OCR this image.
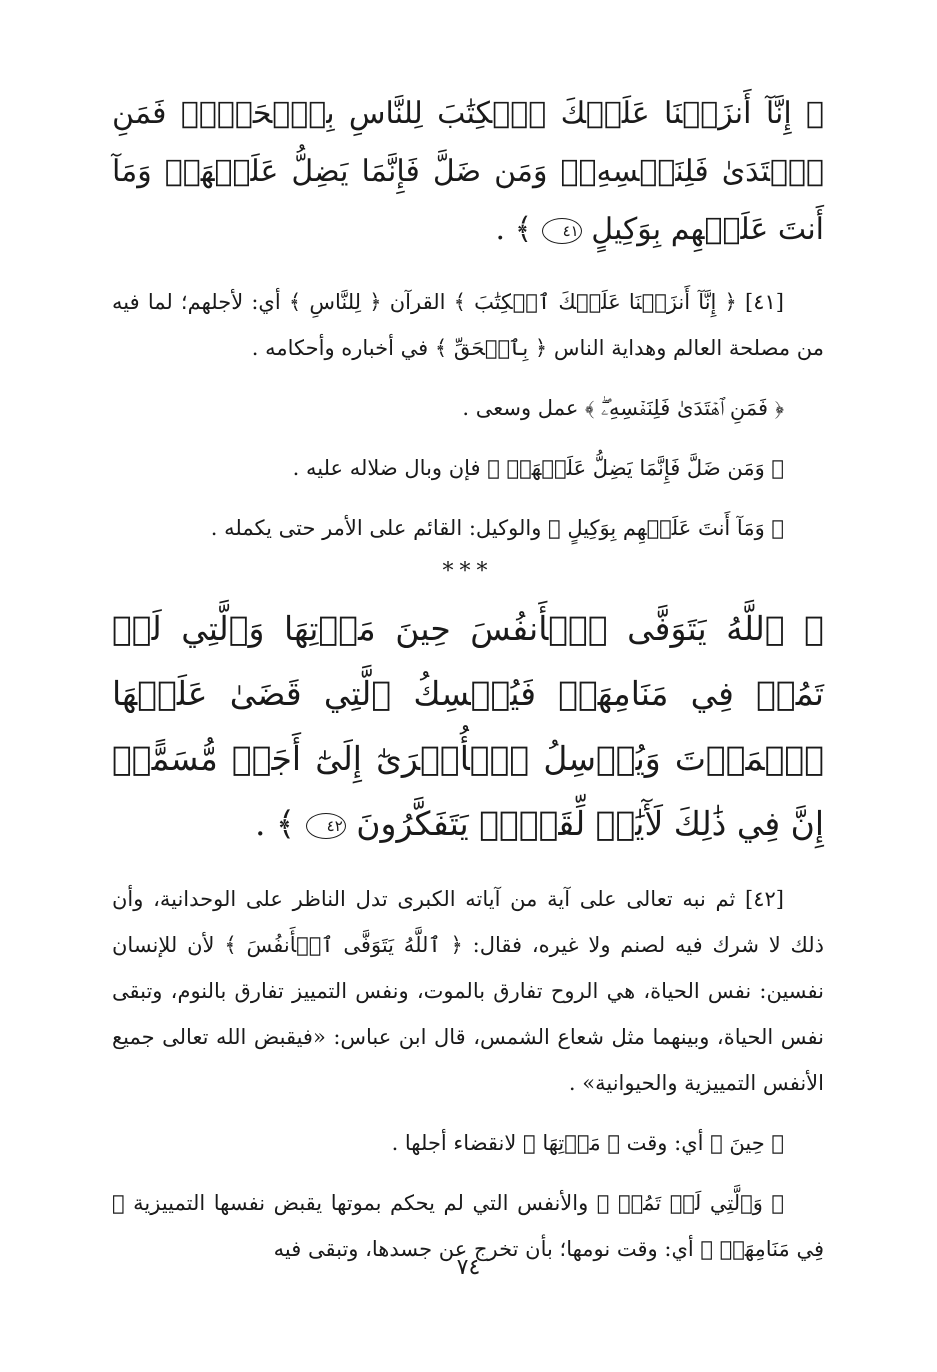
﴿ إِنَّآ أَنزَلۡنَا عَلَيۡكَ ٱلۡكِتَٰبَ لِلنَّاسِ بِٱلۡحَقِّۖ فَمَنِ ٱهۡتَدَىٰ فَلِنَفۡسِهِۦۖ وَمَن ضَلَّ فَإِنَّمَا يَضِلُّ عَلَيۡهَاۖ وَمَآ أَنتَ عَلَيۡهِم بِوَكِيلٍ ٤١ ﴾ .

[٤١] ﴿ إِنَّآ أَنزَلۡنَا عَلَيۡكَ ٱلۡكِتَٰبَ ﴾ القرآن ﴿ لِلنَّاسِ ﴾ أي: لأجلهم؛ لما فيه من مصلحة العالم وهداية الناس ﴿ بِٱلۡحَقِّ ﴾ في أخباره وأحكامه .

﴿ فَمَنِ ٱهۡتَدَىٰ فَلِنَفۡسِهِۦۖ ﴾ عمل وسعى .

﴿ وَمَن ضَلَّ فَإِنَّمَا يَضِلُّ عَلَيۡهَاۖ ﴾ فإن وبال ضلاله عليه .

﴿ وَمَآ أَنتَ عَلَيۡهِم بِوَكِيلٍ ﴾ والوكيل: القائم على الأمر حتى يكمله .

***

﴿ ٱللَّهُ يَتَوَفَّى ٱلۡأَنفُسَ حِينَ مَوۡتِهَا وَٱلَّتِي لَمۡ تَمُتۡ فِي مَنَامِهَاۖ فَيُمۡسِكُ ٱلَّتِي قَضَىٰ عَلَيۡهَا ٱلۡمَوۡتَ وَيُرۡسِلُ ٱلۡأُخۡرَىٰٓ إِلَىٰٓ أَجَلٖ مُّسَمًّىۚ إِنَّ فِي ذَٰلِكَ لَأٓيَٰتٖ لِّقَوۡمٖ يَتَفَكَّرُونَ ٤٢ ﴾ .

[٤٢] ثم نبه تعالى على آية من آياته الكبرى تدل الناظر على الوحدانية، وأن ذلك لا شرك فيه لصنم ولا غيره، فقال: ﴿ ٱللَّهُ يَتَوَفَّى ٱلۡأَنفُسَ ﴾ لأن للإنسان نفسين: نفس الحياة، هي الروح تفارق بالموت، ونفس التمييز تفارق بالنوم، وتبقى نفس الحياة، وبينهما مثل شعاع الشمس، قال ابن عباس: «فيقبض الله تعالى جميع الأنفس التمييزية والحيوانية» .

﴿ حِينَ ﴾ أي: وقت ﴿ مَوۡتِهَا ﴾ لانقضاء أجلها .

﴿ وَٱلَّتِي لَمۡ تَمُتۡ ﴾ والأنفس التي لم يحكم بموتها يقبض نفسها التمييزية ﴿ فِي مَنَامِهَاۖ ﴾ أي: وقت نومها؛ بأن تخرج عن جسدها، وتبقى فيه

٧٤
